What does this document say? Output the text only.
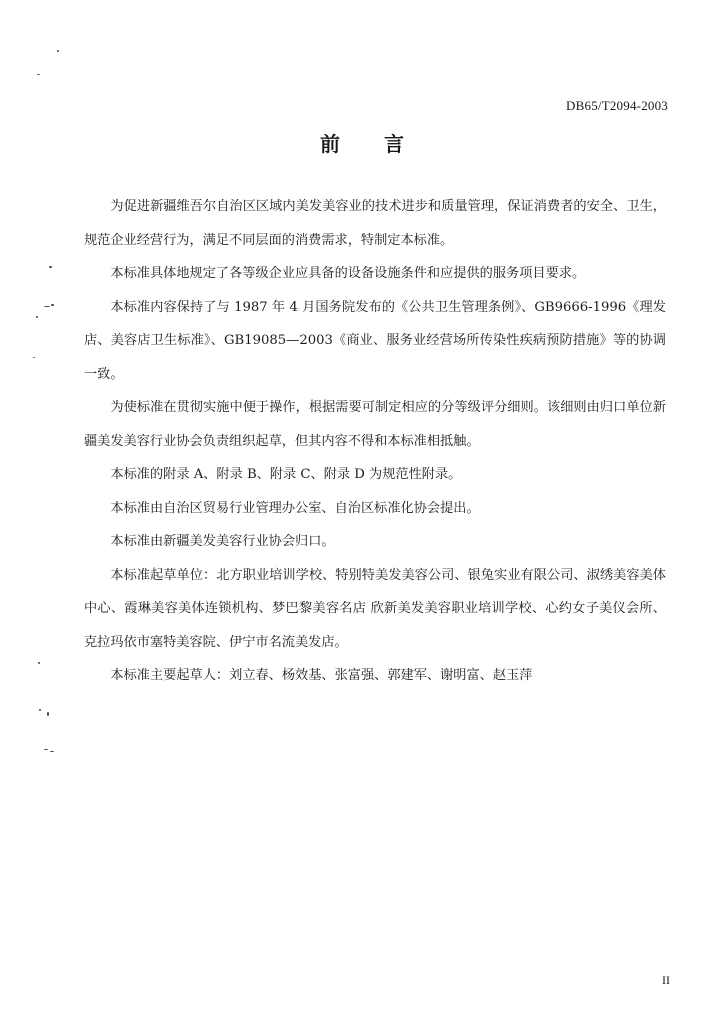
DB65/T2094-2003
前言

为促进新疆维吾尔自治区区域内美发美容业的技术进步和质量管理，保证消费者的安全、卫生，规范企业经营行为，满足不同层面的消费需求，特制定本标准。

本标准具体地规定了各等级企业应具备的设备设施条件和应提供的服务项目要求。

本标准内容保持了与 1987 年 4 月国务院发布的《公共卫生管理条例》、GB9666-1996《理发店、美容店卫生标准》、GB19085—2003《商业、服务业经营场所传染性疾病预防措施》等的协调一致。

为使标准在贯彻实施中便于操作，根据需要可制定相应的分等级评分细则。该细则由归口单位新疆美发美容行业协会负责组织起草，但其内容不得和本标准相抵触。

本标准的附录 A、附录 B、附录 C、附录 D 为规范性附录。

本标准由自治区贸易行业管理办公室、自治区标准化协会提出。

本标准由新疆美发美容行业协会归口。

本标准起草单位：北方职业培训学校、特别特美发美容公司、银兔实业有限公司、淑绣美容美体中心、霞琳美容美体连锁机构、梦巴黎美容名店 欣新美发美容职业培训学校、心约女子美仪会所、克拉玛依市塞特美容院、伊宁市名流美发店。

本标准主要起草人：刘立春、杨效基、张富强、郭建军、谢明富、赵玉萍

II
